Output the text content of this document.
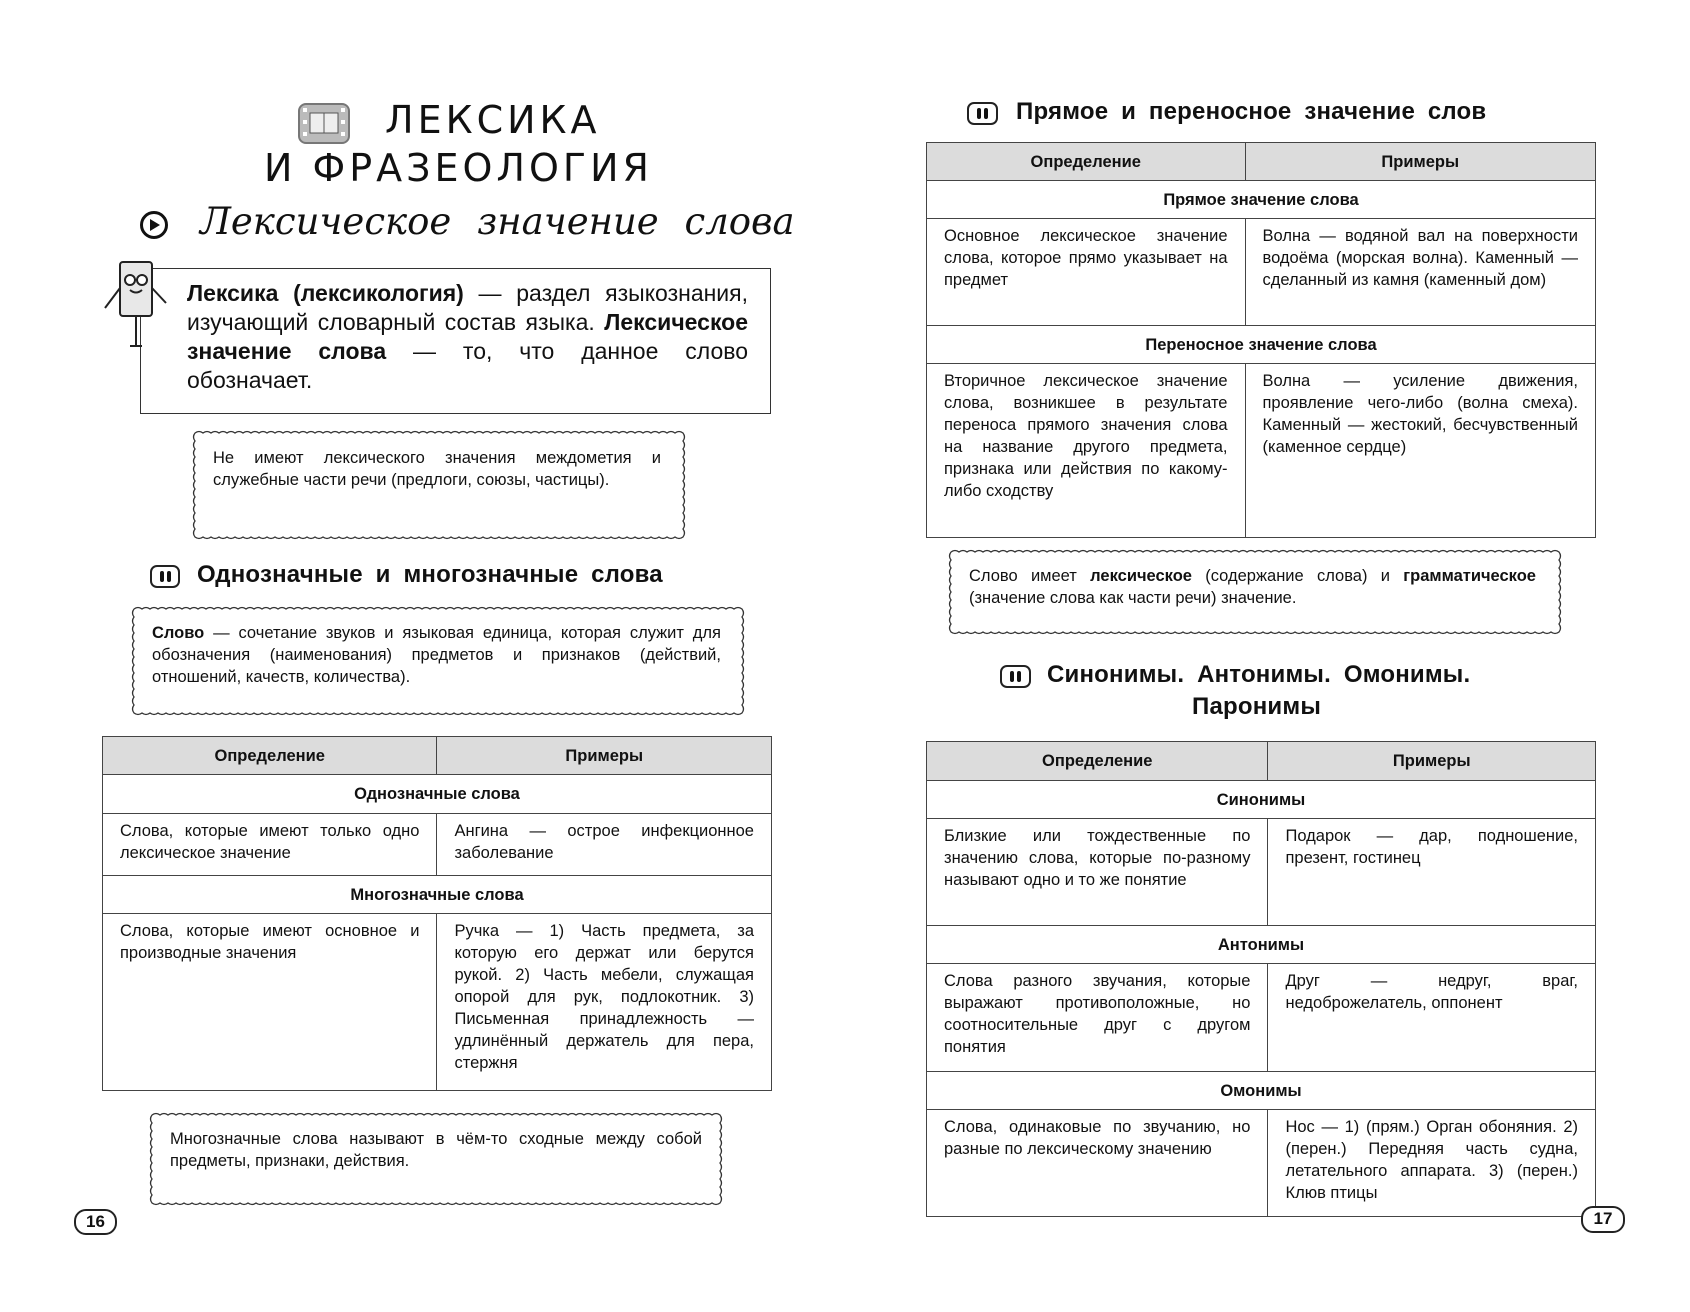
ЛЕКСИКА
И ФРАЗЕОЛОГИЯ
Лексическое значение слова
Лексика (лексикология) — раздел языкознания, изучающий словарный состав языка. Лексическое значение слова — то, что данное слово обозначает.
Не имеют лексического значения междометия и служебные части речи (предлоги, союзы, частицы).
Однозначные и многозначные слова
Слово — сочетание звуков и языковая единица, которая служит для обозначения (наименования) предметов и признаков (действий, отношений, качеств, количества).
Определение	Примеры
Однозначные слова	
Слова, которые имеют только одно лексическое значение	Ангина — острое инфекционное заболевание
Многозначные слова	
Слова, которые имеют основное и производные значения	Ручка — 1) Часть предмета, за которую его держат или берутся рукой. 2) Часть мебели, служащая опорой для рук, подлокотник. 3) Письменная принадлежность — удлинённый держатель для пера, стержня
Многозначные слова называют в чём-то сходные между собой предметы, признаки, действия.
16
Прямое и переносное значение слов
Определение	Примеры
Прямое значение слова	
Основное лексическое значение слова, которое прямо указывает на предмет	Волна — водяной вал на поверхности водоёма (морская волна). Каменный — сделанный из камня (каменный дом)
Переносное значение слова	
Вторичное лексическое значение слова, возникшее в результате переноса прямого значения слова на название другого предмета, признака или действия по какому-либо сходству	Волна — усиление движения, проявление чего-либо (волна смеха). Каменный — жестокий, бесчувственный (каменное сердце)
Слово имеет лексическое (содержание слова) и грамматическое (значение слова как части речи) значение.
Синонимы. Антонимы. Омонимы.
Паронимы
Определение	Примеры
Синонимы	
Близкие или тождественные по значению слова, которые по-разному называют одно и то же понятие	Подарок — дар, подношение, презент, гостинец
Антонимы	
Слова разного звучания, которые выражают противоположные, но соотносительные друг с другом понятия	Друг — недруг, враг, недоброжелатель, оппонент
Омонимы	
Слова, одинаковые по звучанию, но разные по лексическому значению	Нос — 1) (прям.) Орган обоняния. 2) (перен.) Передняя часть судна, летательного аппарата. 3) (перен.) Клюв птицы
17
